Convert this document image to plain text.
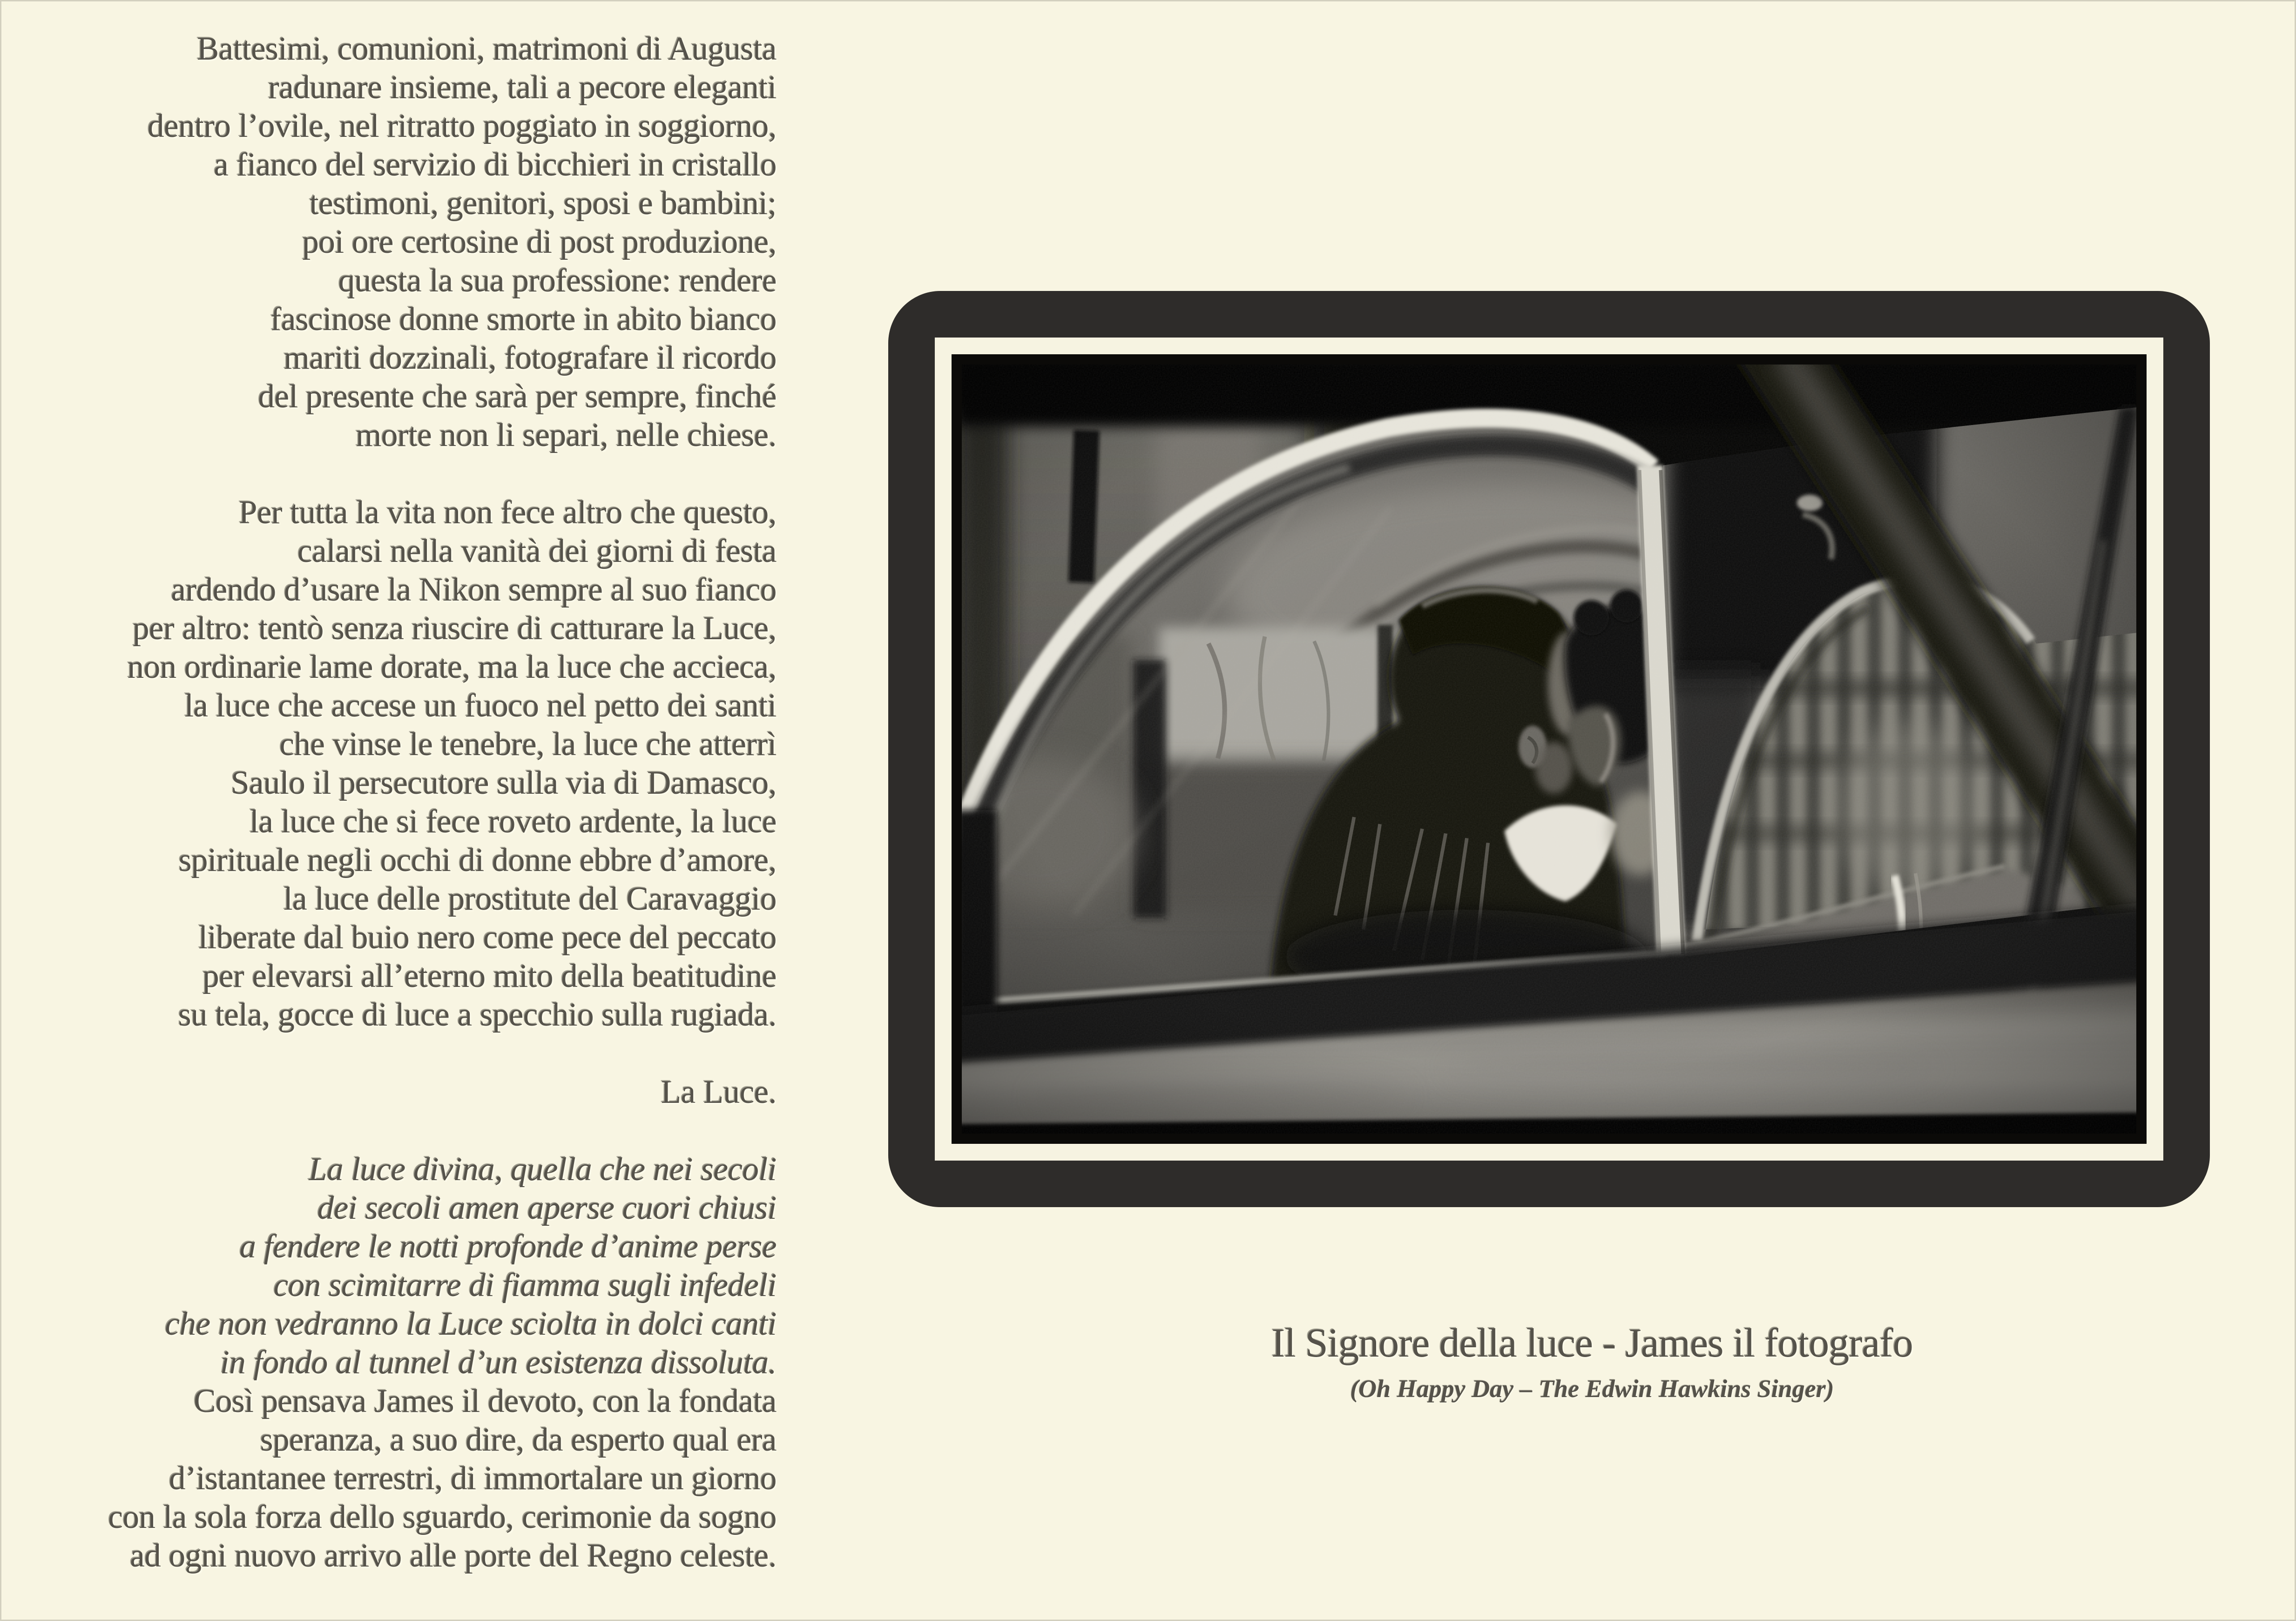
Battesimi, comunioni, matrimoni di Augusta
radunare insieme, tali a pecore eleganti
dentro l’ovile, nel ritratto poggiato in soggiorno,
a fianco del servizio di bicchieri in cristallo
testimoni, genitori, sposi e bambini;
poi ore certosine di post produzione,
questa la sua professione: rendere
fascinose donne smorte in abito bianco
mariti dozzinali, fotografare il ricordo
del presente che sarà per sempre, finché
morte non li separi, nelle chiese.
Per tutta la vita non fece altro che questo,
calarsi nella vanità dei giorni di festa
ardendo d’usare la Nikon sempre al suo fianco
per altro: tentò senza riuscire di catturare la Luce,
non ordinarie lame dorate, ma la luce che accieca,
la luce che accese un fuoco nel petto dei santi
che vinse le tenebre, la luce che atterrì
Saulo il persecutore sulla via di Damasco,
la luce che si fece roveto ardente, la luce
spirituale negli occhi di donne ebbre d’amore,
la luce delle prostitute del Caravaggio
liberate dal buio nero come pece del peccato
per elevarsi all’eterno mito della beatitudine
su tela, gocce di luce a specchio sulla rugiada.
La Luce.
La luce divina, quella che nei secoli
dei secoli amen aperse cuori chiusi
a fendere le notti profonde d’anime perse
con scimitarre di fiamma sugli infedeli
che non vedranno la Luce sciolta in dolci canti
in fondo al tunnel d’un esistenza dissoluta.
Così pensava James il devoto, con la fondata
speranza, a suo dire, da esperto qual era
d’istantanee terrestri, di immortalare un giorno
con la sola forza dello sguardo, cerimonie da sogno
ad ogni nuovo arrivo alle porte del Regno celeste.
Il Signore della luce - James il fotografo
(Oh Happy Day – The Edwin Hawkins Singer)
